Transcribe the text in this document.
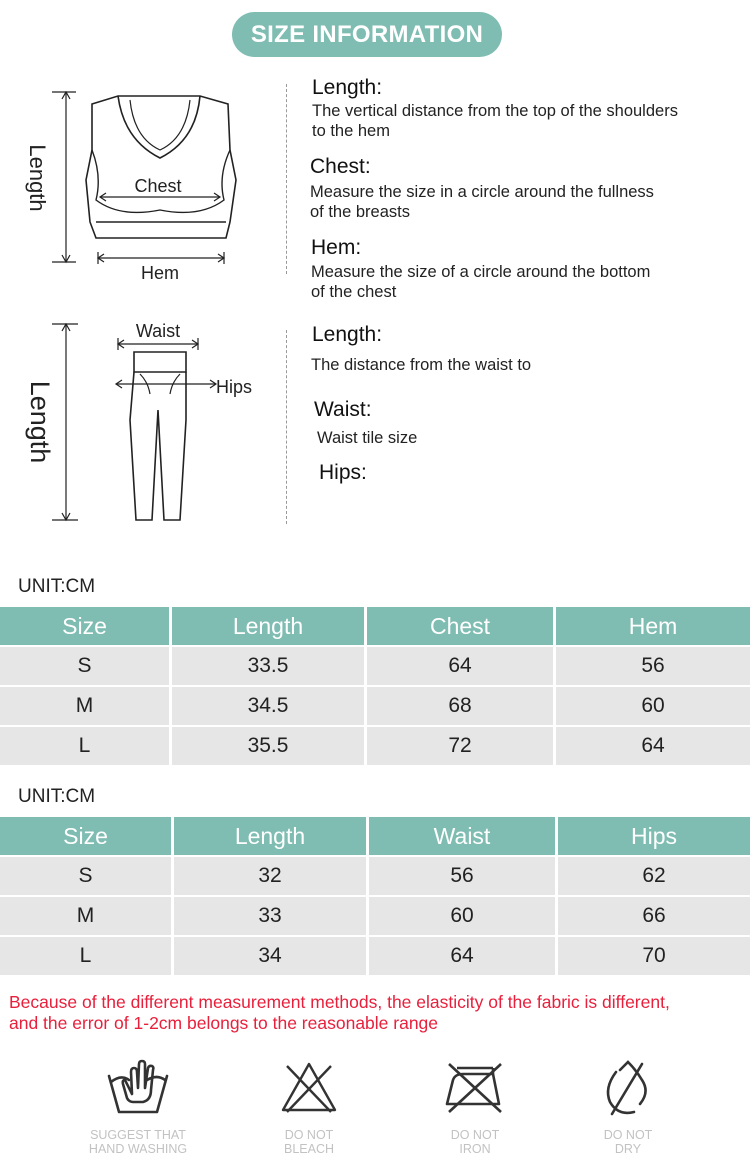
SIZE INFORMATION
Length	Chest
Hem
Length:
The vertical distance from the top of the shoulders
to the hem
Chest:
Measure the size in a circle around the fullness
of the breasts
Hem:
Measure the size of a circle around the bottom
of the chest
Length
Waist
Hips
Length:
The distance from the waist to
Waist:
Waist tile size
Hips:
UNIT:CM
Size	Length	Chest	Hem
S	33.5	64	56
M	34.5	68	60
L	35.5	72	64
UNIT:CM
Size	Length	Waist	Hips
S	32	56	62
M	33	60	66
L	34	64	70
Because of the different measurement methods, the elasticity of the fabric is different,
and the error of 1-2cm belongs to the reasonable range
SUGGEST THAT
HAND WASHING
DO NOT
BLEACH
DO NOT
IRON
DO NOT
DRY
